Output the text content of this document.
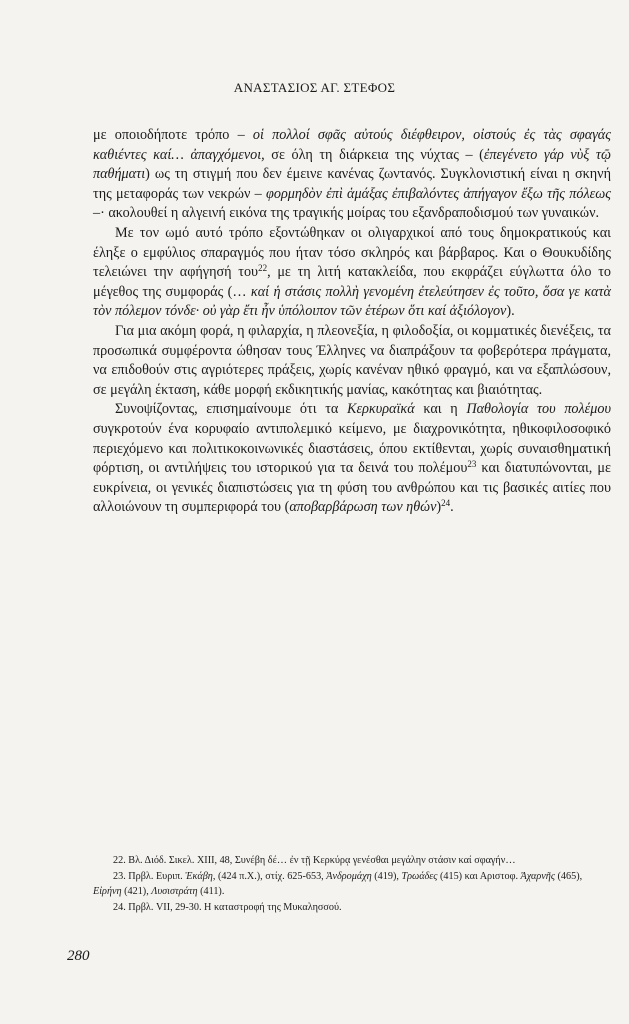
ΑΝΑΣΤΑΣΙΟΣ ΑΓ. ΣΤΕΦΟΣ

με οποιοδήποτε τρόπο – οἱ πολλοί σφᾶς αὐτούς διέφθειρον, οἰστούς ἐς τὰς σφαγάς καθιέντες καί… ἀπαγχόμενοι, σε όλη τη διάρκεια της νύχτας – (ἐπεγένετο γάρ νὺξ τῷ παθήματι) ως τη στιγμή που δεν έμεινε κανένας ζωντανός. Συγκλονιστική είναι η σκηνή της μεταφοράς των νεκρών – φορμηδὸν ἐπὶ ἁμάξας ἐπιβαλόντες ἀπήγαγον ἔξω τῆς πόλεως –· ακολουθεί η αλγεινή εικόνα της τραγικής μοίρας του εξανδραποδισμού των γυναικών.

Με τον ωμό αυτό τρόπο εξοντώθηκαν οι ολιγαρχικοί από τους δημοκρατικούς και έληξε ο εμφύλιος σπαραγμός που ήταν τόσο σκληρός και βάρβαρος. Και ο Θουκυδίδης τελειώνει την αφήγησή του$^{22}$, με τη λιτή κατακλείδα, που εκφράζει εύγλωττα όλο το μέγεθος της συμφοράς (… καί ἡ στάσις πολλὴ γενομένη ἐτελεύτησεν ἐς τοῦτο, ὅσα γε κατὰ τὸν πόλεμον τόνδε· οὐ γὰρ ἔτι ἦν ὑπόλοιπον τῶν ἑτέρων ὅτι καί ἀξιόλογον).

Για μια ακόμη φορά, η φιλαρχία, η πλεονεξία, η φιλοδοξία, οι κομματικές διενέξεις, τα προσωπικά συμφέροντα ώθησαν τους Έλληνες να διαπράξουν τα φοβερότερα πράγματα, να επιδοθούν στις αγριότερες πράξεις, χωρίς κανέναν ηθικό φραγμό, και να εξαπλώσουν, σε μεγάλη έκταση, κάθε μορφή εκδικητικής μανίας, κακότητας και βιαιότητας.

Συνοψίζοντας, επισημαίνουμε ότι τα Κερκυραϊκά και η Παθολογία του πολέμου συγκροτούν ένα κορυφαίο αντιπολεμικό κείμενο, με διαχρονικότητα, ηθικοφιλοσοφικό περιεχόμενο και πολιτικοκοινωνικές διαστάσεις, όπου εκτίθενται, χωρίς συναισθηματική φόρτιση, οι αντιλήψεις του ιστορικού για τα δεινά του πολέμου$^{23}$ και διατυπώνονται, με ευκρίνεια, οι γενικές διαπιστώσεις για τη φύση του ανθρώπου και τις βασικές αιτίες που αλλοιώνουν τη συμπεριφορά του (αποβαρβάρωση των ηθών)$^{24}$.

22. Βλ. Διόδ. Σικελ. XIII, 48, Συνέβη δέ… ἐν τῇ Κερκύρᾳ γενέσθαι μεγάλην στάσιν καί σφαγήν…

23. Πρβλ. Ευριπ. Ἑκάβη, (424 π.Χ.), στίχ. 625-653, Ἀνδρομάχη (419), Τρωάδες (415) και Αριστοφ. Ἀχαρνῆς (465), Εἰρήνη (421), Λυσιστράτη (411).

24. Πρβλ. VII, 29-30. Η καταστροφή της Μυκαλησσού.

280
